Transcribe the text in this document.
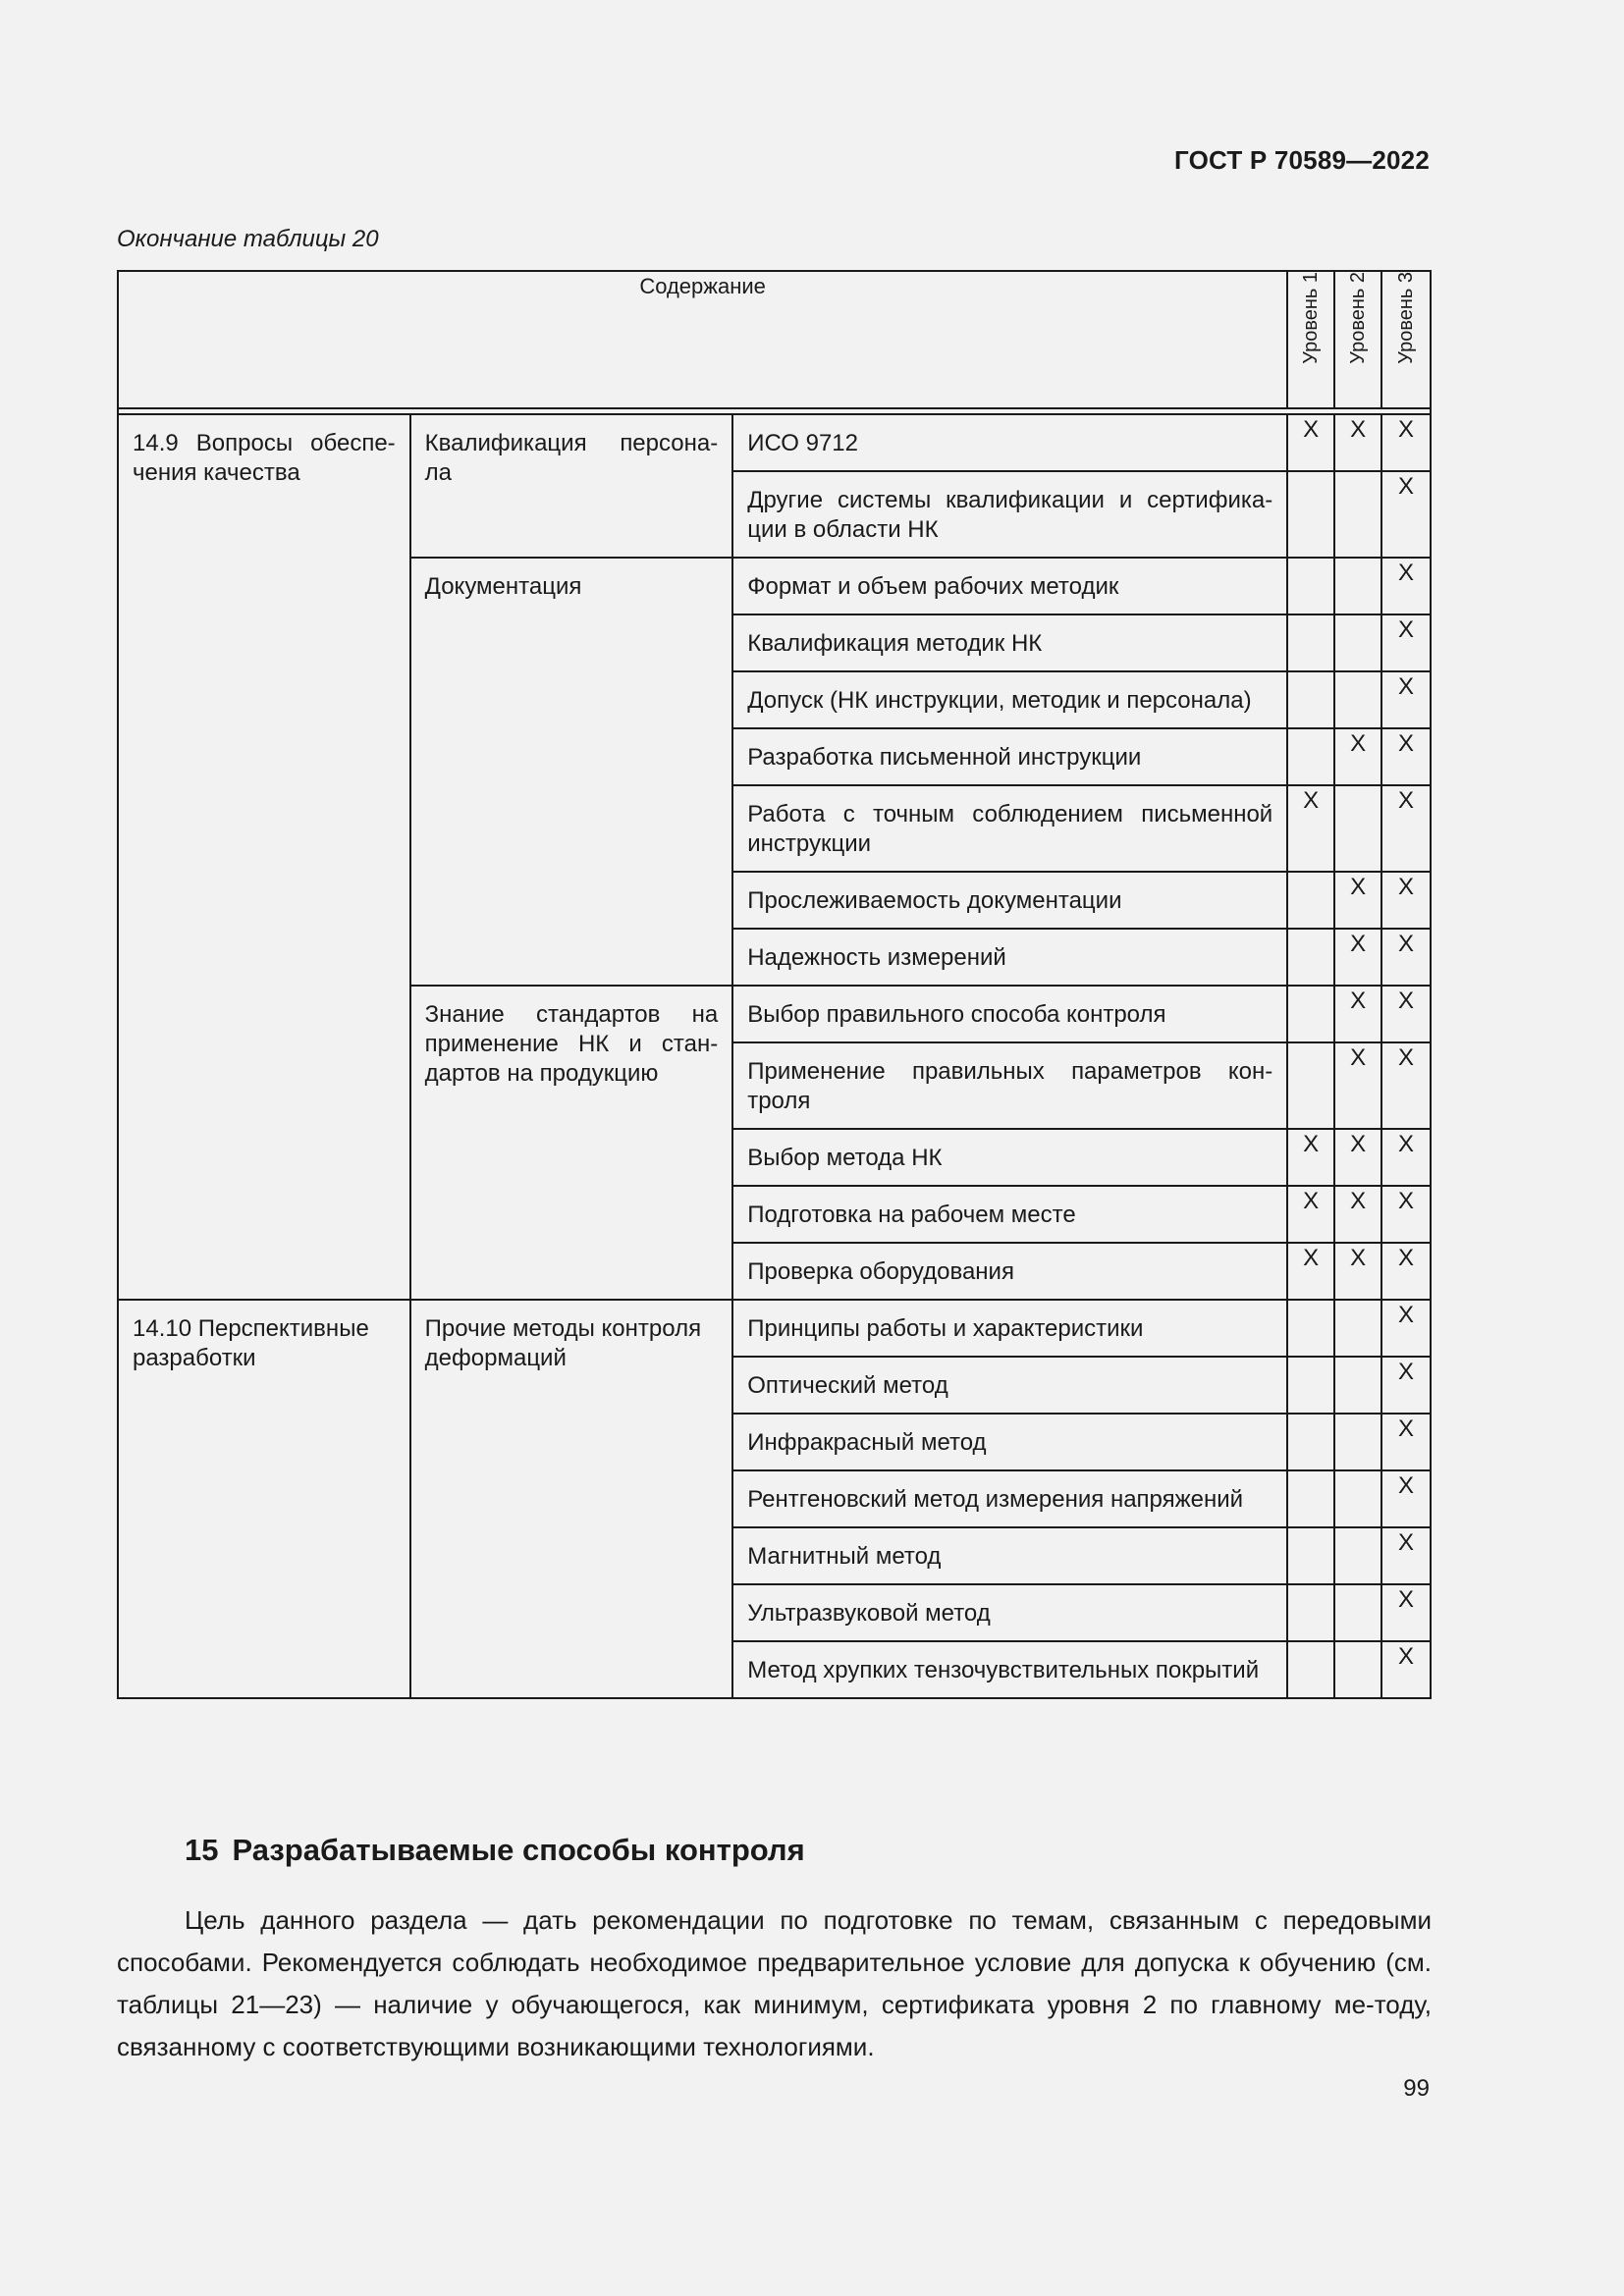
ГОСТ Р 70589—2022
Окончание таблицы 20
Содержание			Уровень 1	Уровень 2	Уровень 3

14.9 Вопросы обеспе-чения качества	Квалификация персона-ла	ИСО 9712	X	X	X

		Другие системы квалификации и сертифика-ции в области НК			X

	Документация	Формат и объем рабочих методик			X

		Квалификация методик НК			X

		Допуск (НК инструкции, методик и персонала)			X

		Разработка письменной инструкции		X	X

		Работа с точным соблюдением письменной инструкции	X		X

		Прослеживаемость документации		X	X

		Надежность измерений		X	X

	Знание стандартов на применение НК и стан-дартов на продукцию	Выбор правильного способа контроля		X	X

		Применение правильных параметров кон-троля		X	X

		Выбор метода НК	X	X	X

		Подготовка на рабочем месте	X	X	X

		Проверка оборудования	X	X	X

14.10 Перспективные разработки	Прочие методы контроля деформаций	Принципы работы и характеристики			X

		Оптический метод			X

		Инфракрасный метод			X

		Рентгеновский метод измерения напряжений			X

		Магнитный метод			X

		Ультразвуковой метод			X

		Метод хрупких тензочувствительных покрытий			X
15 Разрабатываемые способы контроля

Цель данного раздела — дать рекомендации по подготовке по темам, связанным с передовыми способами. Рекомендуется соблюдать необходимое предварительное условие для допуска к обучению (см. таблицы 21—23) — наличие у обучающегося, как минимум, сертификата уровня 2 по главному ме-тоду, связанному с соответствующими возникающими технологиями.

99
